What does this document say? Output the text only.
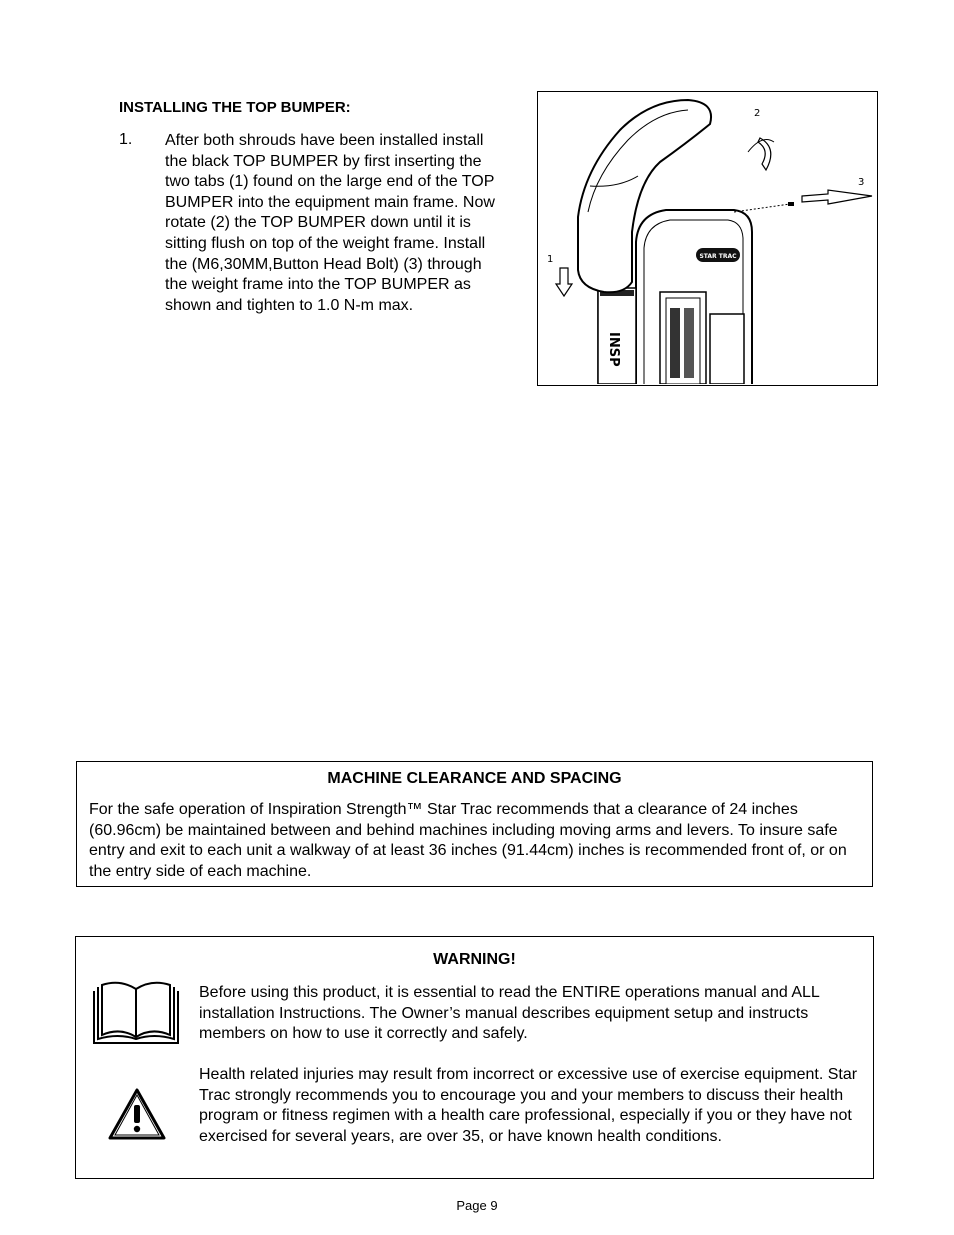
INSTALLING THE TOP BUMPER:
1. After both shrouds have been installed install the black TOP BUMPER by first inserting the two tabs (1) found on the large end of the TOP BUMPER into the equipment main frame. Now rotate (2) the TOP BUMPER down until it is sitting flush on top of the weight frame. Install the (M6,30MM,Button Head Bolt) (3) through the weight frame into the TOP BUMPER as shown and tighten to 1.0 N-m max.
INSP
STAR TRAC
1
2
3
MACHINE CLEARANCE AND SPACING

For the safe operation of Inspiration Strength™ Star Trac recommends that a clearance of 24 inches (60.96cm) be maintained between and behind machines including moving arms and levers. To insure safe entry and exit to each unit a walkway of at least 36 inches (91.44cm) inches is recommended front of, or on the entry side of each machine.

WARNING!

Before using this product, it is essential to read the ENTIRE operations manual and ALL installation Instructions. The Owner’s manual describes equipment setup and instructs members on how to use it correctly and safely.

Health related injuries may result from incorrect or excessive use of exercise equipment. Star Trac strongly recommends you to encourage you and your members to discuss their health program or fitness regimen with a health care professional, especially if you or they have not exercised for several years, are over 35, or have known health conditions.

Page 9
